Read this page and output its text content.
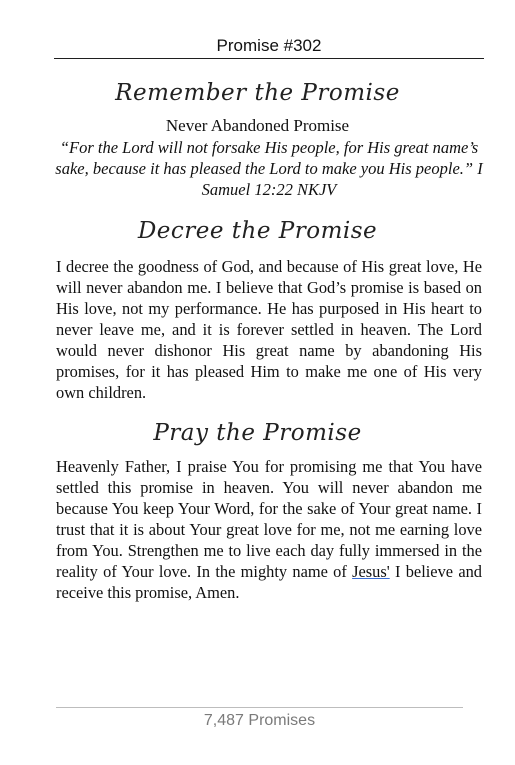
Promise #302
Remember the Promise
Never Abandoned Promise
“For the Lord will not forsake His people, for His great name’s sake, because it has pleased the Lord to make you His people.” I Samuel 12:22 NKJV
Decree the Promise
I decree the goodness of God, and because of His great love, He will never abandon me. I believe that God’s promise is based on His love, not my performance. He has purposed in His heart to never leave me, and it is forever settled in heaven. The Lord would never dishonor His great name by abandoning His promises, for it has pleased Him to make me one of His very own children.
Pray the Promise
Heavenly Father, I praise You for promising me that You have settled this promise in heaven. You will never abandon me because You keep Your Word, for the sake of Your great name. I trust that it is about Your great love for me, not me earning love from You. Strengthen me to live each day fully immersed in the reality of Your love. In the mighty name of Jesus' I believe and receive this promise, Amen.
7,487 Promises
